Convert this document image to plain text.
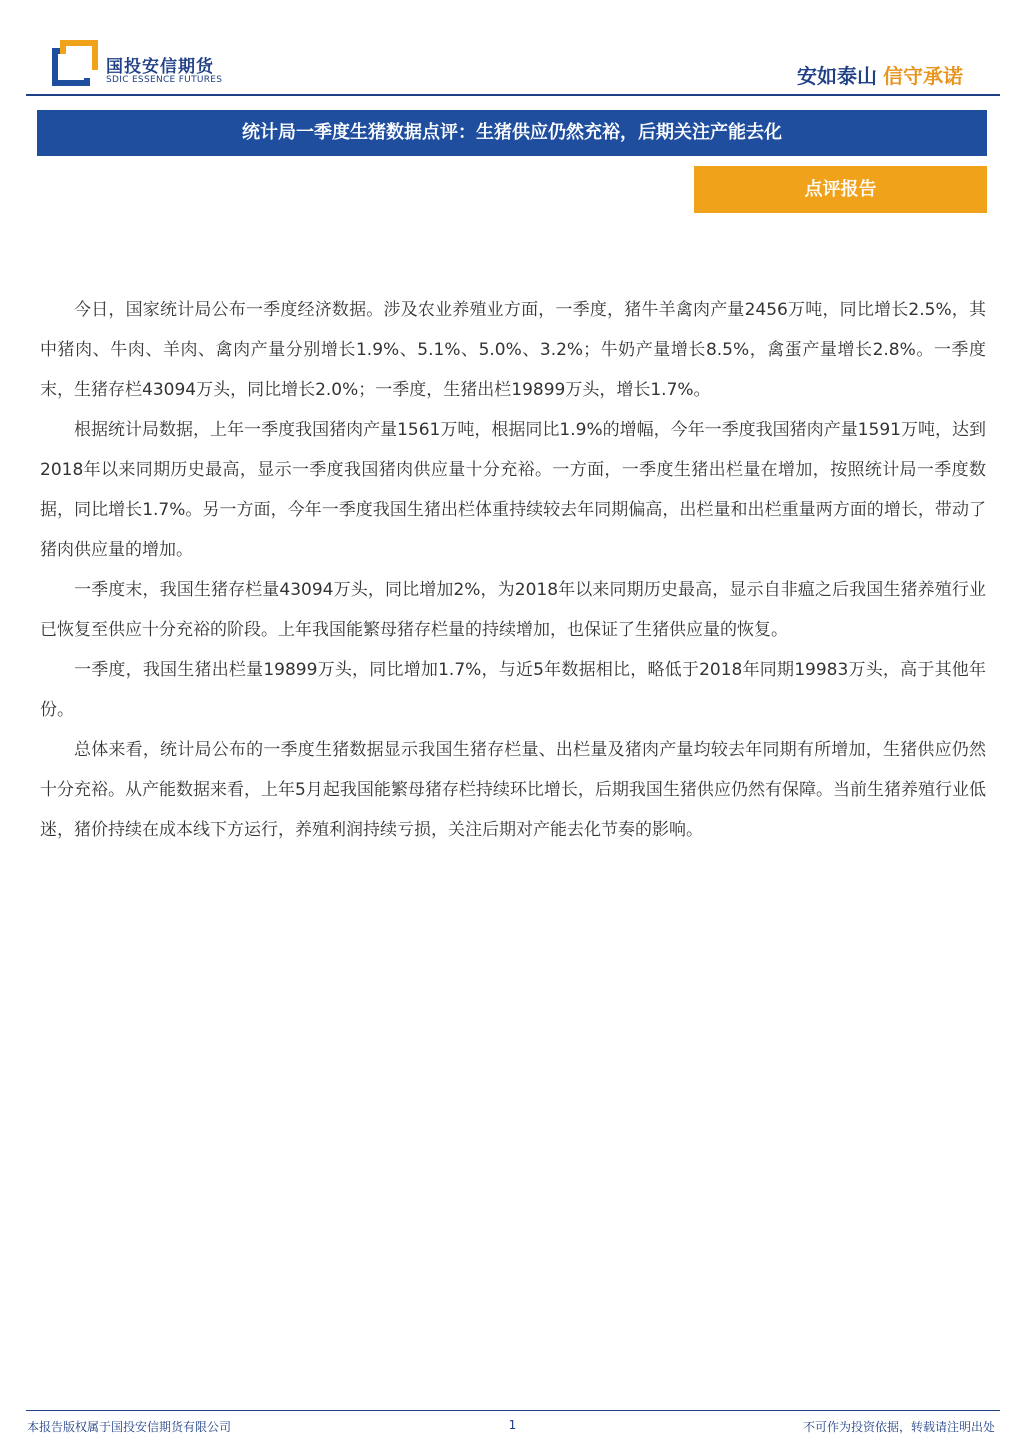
国投安信期货
SDIC ESSENCE FUTURES	安如泰山 信守承诺
统计局一季度生猪数据点评：生猪供应仍然充裕，后期关注产能去化
点评报告

今日，国家统计局公布一季度经济数据。涉及农业养殖业方面，一季度，猪牛羊禽肉产量2456万吨，同比增长2.5%，其中猪肉、牛肉、羊肉、禽肉产量分别增长1.9%、5.1%、5.0%、3.2%；牛奶产量增长8.5%，禽蛋产量增长2.8%。一季度末，生猪存栏43094万头，同比增长2.0%；一季度，生猪出栏19899万头，增长1.7%。

根据统计局数据，上年一季度我国猪肉产量1561万吨，根据同比1.9%的增幅，今年一季度我国猪肉产量1591万吨，达到2018年以来同期历史最高，显示一季度我国猪肉供应量十分充裕。一方面，一季度生猪出栏量在增加，按照统计局一季度数据，同比增长1.7%。另一方面，今年一季度我国生猪出栏体重持续较去年同期偏高，出栏量和出栏重量两方面的增长，带动了猪肉供应量的增加。

一季度末，我国生猪存栏量43094万头，同比增加2%，为2018年以来同期历史最高，显示自非瘟之后我国生猪养殖行业已恢复至供应十分充裕的阶段。上年我国能繁母猪存栏量的持续增加，也保证了生猪供应量的恢复。

一季度，我国生猪出栏量19899万头，同比增加1.7%，与近5年数据相比，略低于2018年同期19983万头，高于其他年份。

总体来看，统计局公布的一季度生猪数据显示我国生猪存栏量、出栏量及猪肉产量均较去年同期有所增加，生猪供应仍然十分充裕。从产能数据来看，上年5月起我国能繁母猪存栏持续环比增长，后期我国生猪供应仍然有保障。当前生猪养殖行业低迷，猪价持续在成本线下方运行，养殖利润持续亏损，关注后期对产能去化节奏的影响。

本报告版权属于国投安信期货有限公司	1	不可作为投资依据，转载请注明出处
